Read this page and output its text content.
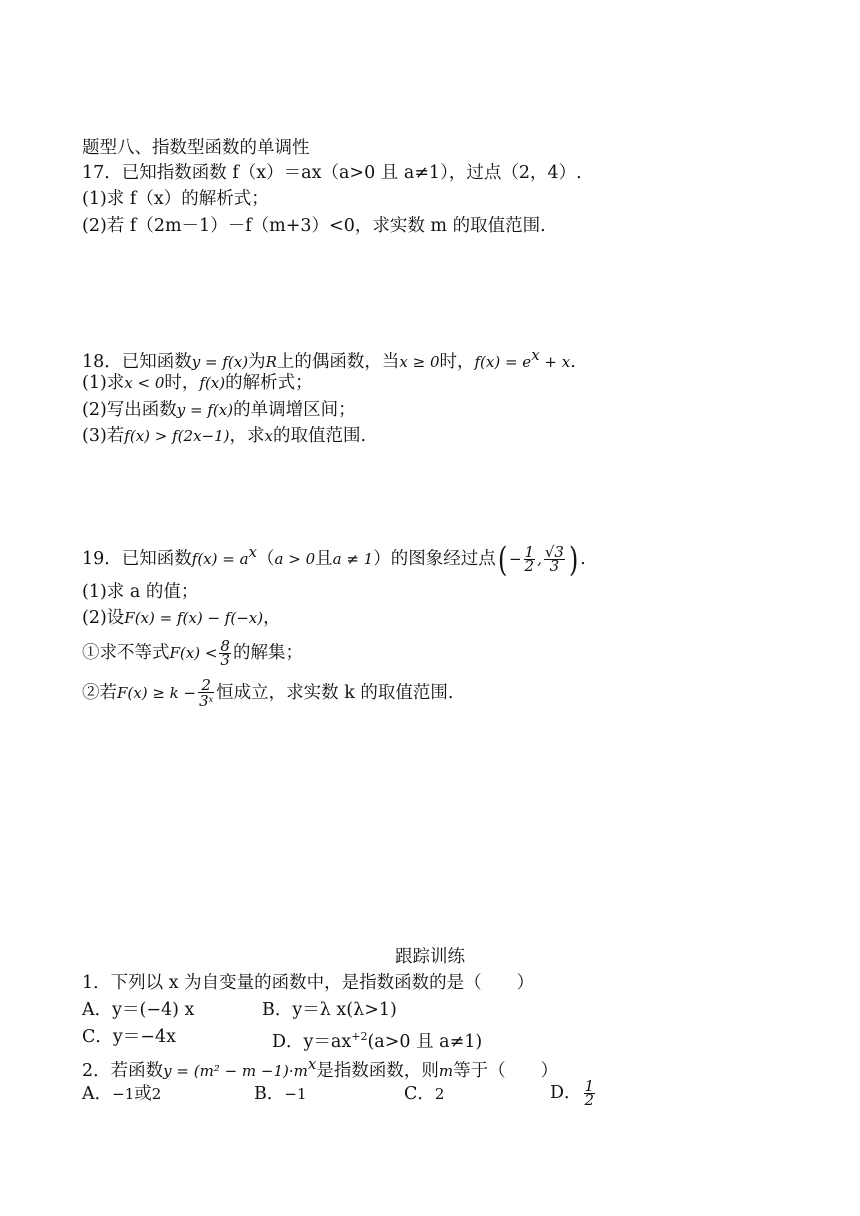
题型八、指数型函数的单调性
17．已知指数函数 f（x）＝ax（a>0 且 a≠1），过点（2，4）.
(1)求 f（x）的解析式；
(2)若 f（2m－1）－f（m+3）<0，求实数 m 的取值范围.
18．已知函数y = f(x)为R上的偶函数，当x ≥ 0时，f(x) = ex + x.
(1)求x < 0时，f(x)的解析式；
(2)写出函数y = f(x)的单调增区间；
(3)若f(x) > f(2x−1)，求x的取值范围.
19．已知函数f(x) = ax（a > 0且a ≠ 1）的图象经过点( − $\frac{1}{2}$ , $\frac{√3}{3}$ ) .
(1)求 a 的值；
(2)设F(x) = f(x) − f(−x)，
①求不等式$F(x) < \frac{8}{3}$ 的解集；
②若$F(x) \ge k - \frac{2}{3^x}$ 恒成立，求实数 k 的取值范围.
跟踪训练
1．下列以 x 为自变量的函数中，是指数函数的是（　　）
A．y＝(−4) x	B．y＝λ x(λ>1)
C．y＝−4x	D．$y=ax^{+2}(a>0$ 且 a≠1)
2．若函数y = (m² − m −1)·mx是指数函数，则m等于（　　）
A．−1或2	B．−1	C．2	D． $\frac{1}{2}$
